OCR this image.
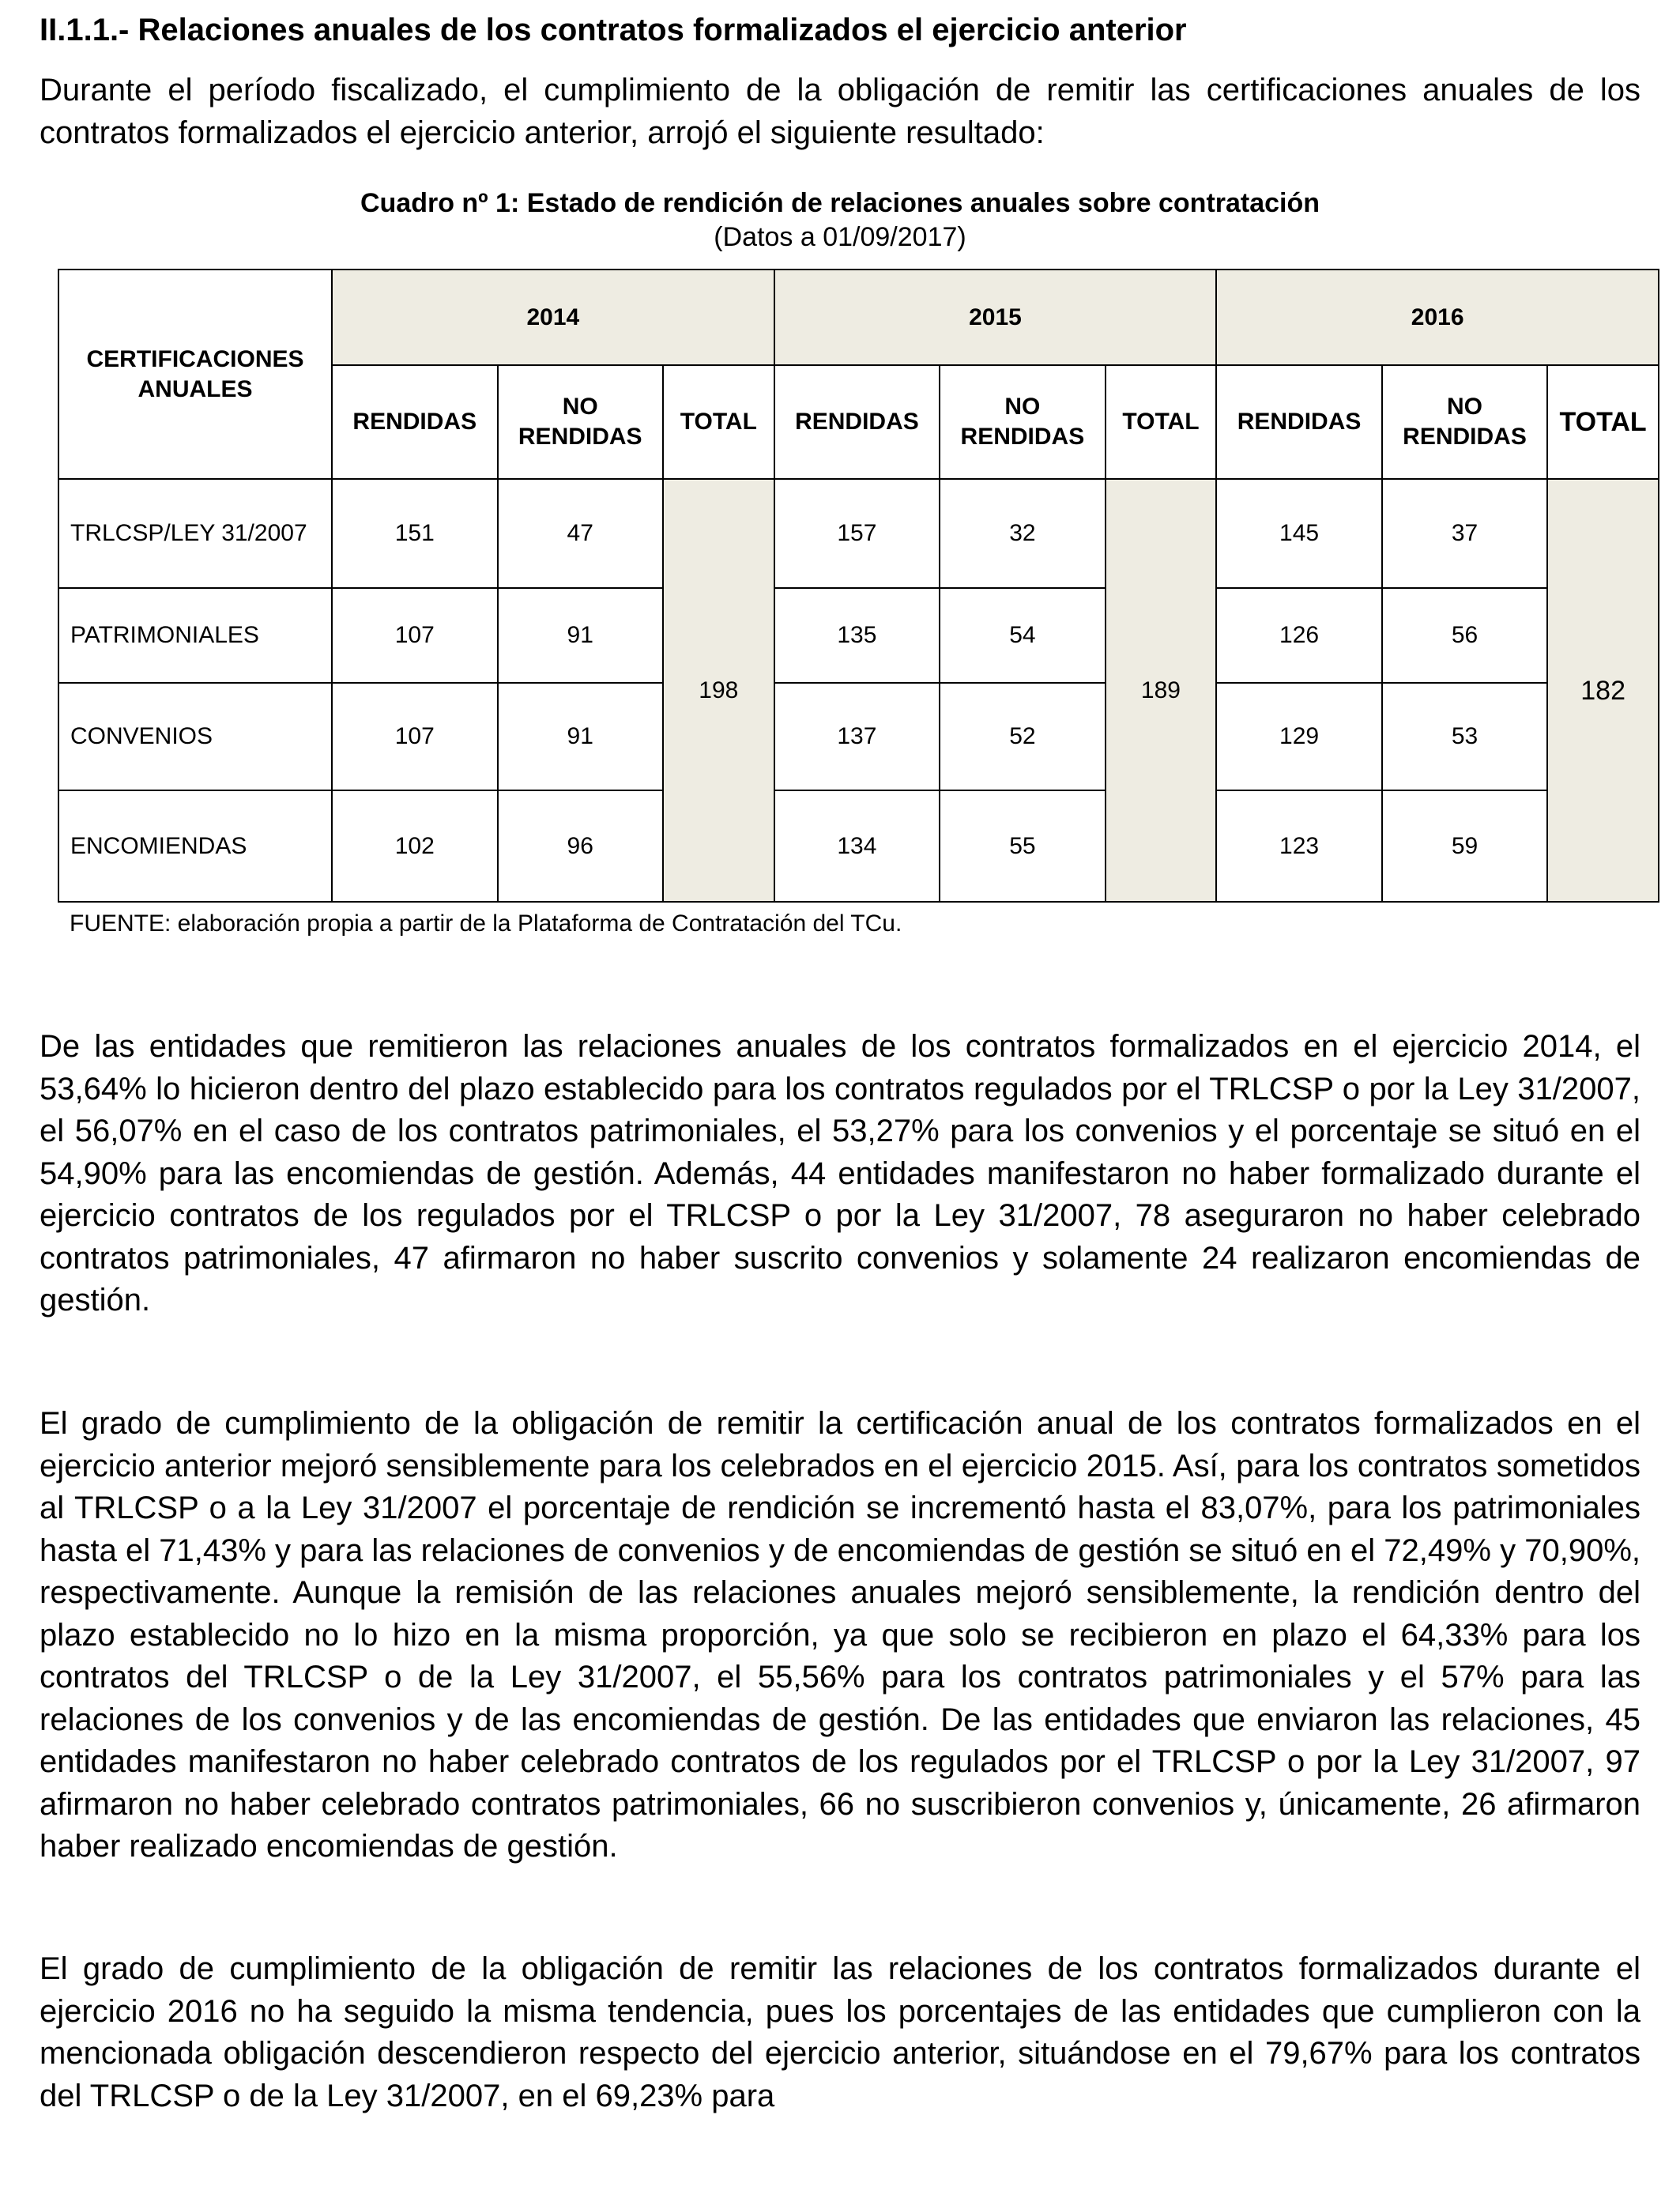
II.1.1.- Relaciones anuales de los contratos formalizados el ejercicio anterior
Durante el período fiscalizado, el cumplimiento de la obligación de remitir las certificaciones anuales de los contratos formalizados el ejercicio anterior, arrojó el siguiente resultado:
Cuadro nº 1: Estado de rendición de relaciones anuales sobre contratación
(Datos a 01/09/2017)
CERTIFICACIONES ANUALES	2014			2015			2016		
	RENDIDAS	NO RENDIDAS	TOTAL	RENDIDAS	NO RENDIDAS	TOTAL	RENDIDAS	NO RENDIDAS	TOTAL
TRLCSP/LEY 31/2007	151	47	198	157	32	189	145	37	182
PATRIMONIALES	107	91		135	54		126	56	
CONVENIOS	107	91		137	52		129	53	
ENCOMIENDAS	102	96		134	55		123	59	
FUENTE: elaboración propia a partir de la Plataforma de Contratación del TCu.
De las entidades que remitieron las relaciones anuales de los contratos formalizados en el ejercicio 2014, el 53,64% lo hicieron dentro del plazo establecido para los contratos regulados por el TRLCSP o por la Ley 31/2007, el 56,07% en el caso de los contratos patrimoniales, el 53,27% para los convenios y el porcentaje se situó en el 54,90% para las encomiendas de gestión. Además, 44 entidades manifestaron no haber formalizado durante el ejercicio contratos de los regulados por el TRLCSP o por la Ley 31/2007, 78 aseguraron no haber celebrado contratos patrimoniales, 47 afirmaron no haber suscrito convenios y solamente 24 realizaron encomiendas de gestión.
El grado de cumplimiento de la obligación de remitir la certificación anual de los contratos formalizados en el ejercicio anterior mejoró sensiblemente para los celebrados en el ejercicio 2015. Así, para los contratos sometidos al TRLCSP o a la Ley 31/2007 el porcentaje de rendición se incrementó hasta el 83,07%, para los patrimoniales hasta el 71,43% y para las relaciones de convenios y de encomiendas de gestión se situó en el 72,49% y 70,90%, respectivamente. Aunque la remisión de las relaciones anuales mejoró sensiblemente, la rendición dentro del plazo establecido no lo hizo en la misma proporción, ya que solo se recibieron en plazo el 64,33% para los contratos del TRLCSP o de la Ley 31/2007, el 55,56% para los contratos patrimoniales y el 57% para las relaciones de los convenios y de las encomiendas de gestión. De las entidades que enviaron las relaciones, 45 entidades manifestaron no haber celebrado contratos de los regulados por el TRLCSP o por la Ley 31/2007, 97 afirmaron no haber celebrado contratos patrimoniales, 66 no suscribieron convenios y, únicamente, 26 afirmaron haber realizado encomiendas de gestión.
El grado de cumplimiento de la obligación de remitir las relaciones de los contratos formalizados durante el ejercicio 2016 no ha seguido la misma tendencia, pues los porcentajes de las entidades que cumplieron con la mencionada obligación descendieron respecto del ejercicio anterior, situándose en el 79,67% para los contratos del TRLCSP o de la Ley 31/2007, en el 69,23% para
